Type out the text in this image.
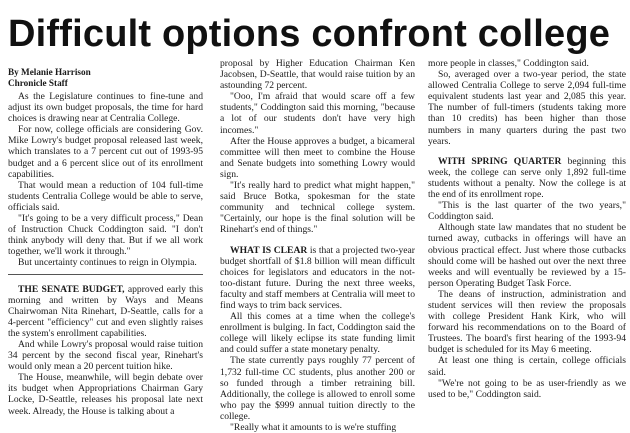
Difficult options confront college

By Melanie Harrison

Chronicle Staff

As the Legislature continues to fine-tune and adjust its own budget proposals, the time for hard choices is drawing near at Centralia College.

For now, college officials are considering Gov. Mike Lowry's budget proposal released last week, which translates to a 7 percent cut out of 1993-95 budget and a 6 percent slice out of its enrollment capabilities.

That would mean a reduction of 104 full-time students Centralia College would be able to serve, officials said.

"It's going to be a very difficult process," Dean of Instruction Chuck Coddington said. "I don't think anybody will deny that. But if we all work together, we'll work it through."

But uncertainty continues to reign in Olympia.

THE SENATE BUDGET, approved early this morning and written by Ways and Means Chairwoman Nita Rinehart, D-Seattle, calls for a 4-percent "efficiency" cut and even slightly raises the system's enrollment capabilities.

And while Lowry's proposal would raise tuition 34 percent by the second fiscal year, Rinehart's would only mean a 20 percent tuition hike.

The House, meanwhile, will begin debate over its budget when Appropriations Chairman Gary Locke, D-Seattle, releases his proposal late next week. Already, the House is talking about a

proposal by Higher Education Chairman Ken Jacobsen, D-Seattle, that would raise tuition by an astounding 72 percent.

"Ooo, I'm afraid that would scare off a few students," Coddington said this morning, "because a lot of our students don't have very high incomes."

After the House approves a budget, a bicameral committee will then meet to combine the House and Senate budgets into something Lowry would sign.

"It's really hard to predict what might happen," said Bruce Botka, spokesman for the state community and technical college system. "Certainly, our hope is the final solution will be Rinehart's end of things."

WHAT IS CLEAR is that a projected two-year budget shortfall of $1.8 billion will mean difficult choices for legislators and educators in the not-too-distant future. During the next three weeks, faculty and staff members at Centralia will meet to find ways to trim back services.

All this comes at a time when the college's enrollment is bulging. In fact, Coddington said the college will likely eclipse its state funding limit and could suffer a state monetary penalty.

The state currently pays roughly 77 percent of 1,732 full-time CC students, plus another 200 or so funded through a timber retraining bill. Additionally, the college is allowed to enroll some who pay the $999 annual tuition directly to the college.

"Really what it amounts to is we're stuffing

more people in classes," Coddington said.

So, averaged over a two-year period, the state allowed Centralia College to serve 2,094 full-time equivalent students last year and 2,085 this year. The number of full-timers (students taking more than 10 credits) has been higher than those numbers in many quarters during the past two years.

WITH SPRING QUARTER beginning this week, the college can serve only 1,892 full-time students without a penalty. Now the college is at the end of its enrollment rope.

"This is the last quarter of the two years," Coddington said.

Although state law mandates that no student be turned away, cutbacks in offerings will have an obvious practical effect. Just where those cutbacks should come will be hashed out over the next three weeks and will eventually be reviewed by a 15-person Operating Budget Task Force.

The deans of instruction, administration and student services will then review the proposals with college President Hank Kirk, who will forward his recommendations on to the Board of Trustees. The board's first hearing of the 1993-94 budget is scheduled for its May 6 meeting.

At least one thing is certain, college officials said.

"We're not going to be as user-friendly as we used to be," Coddington said.
